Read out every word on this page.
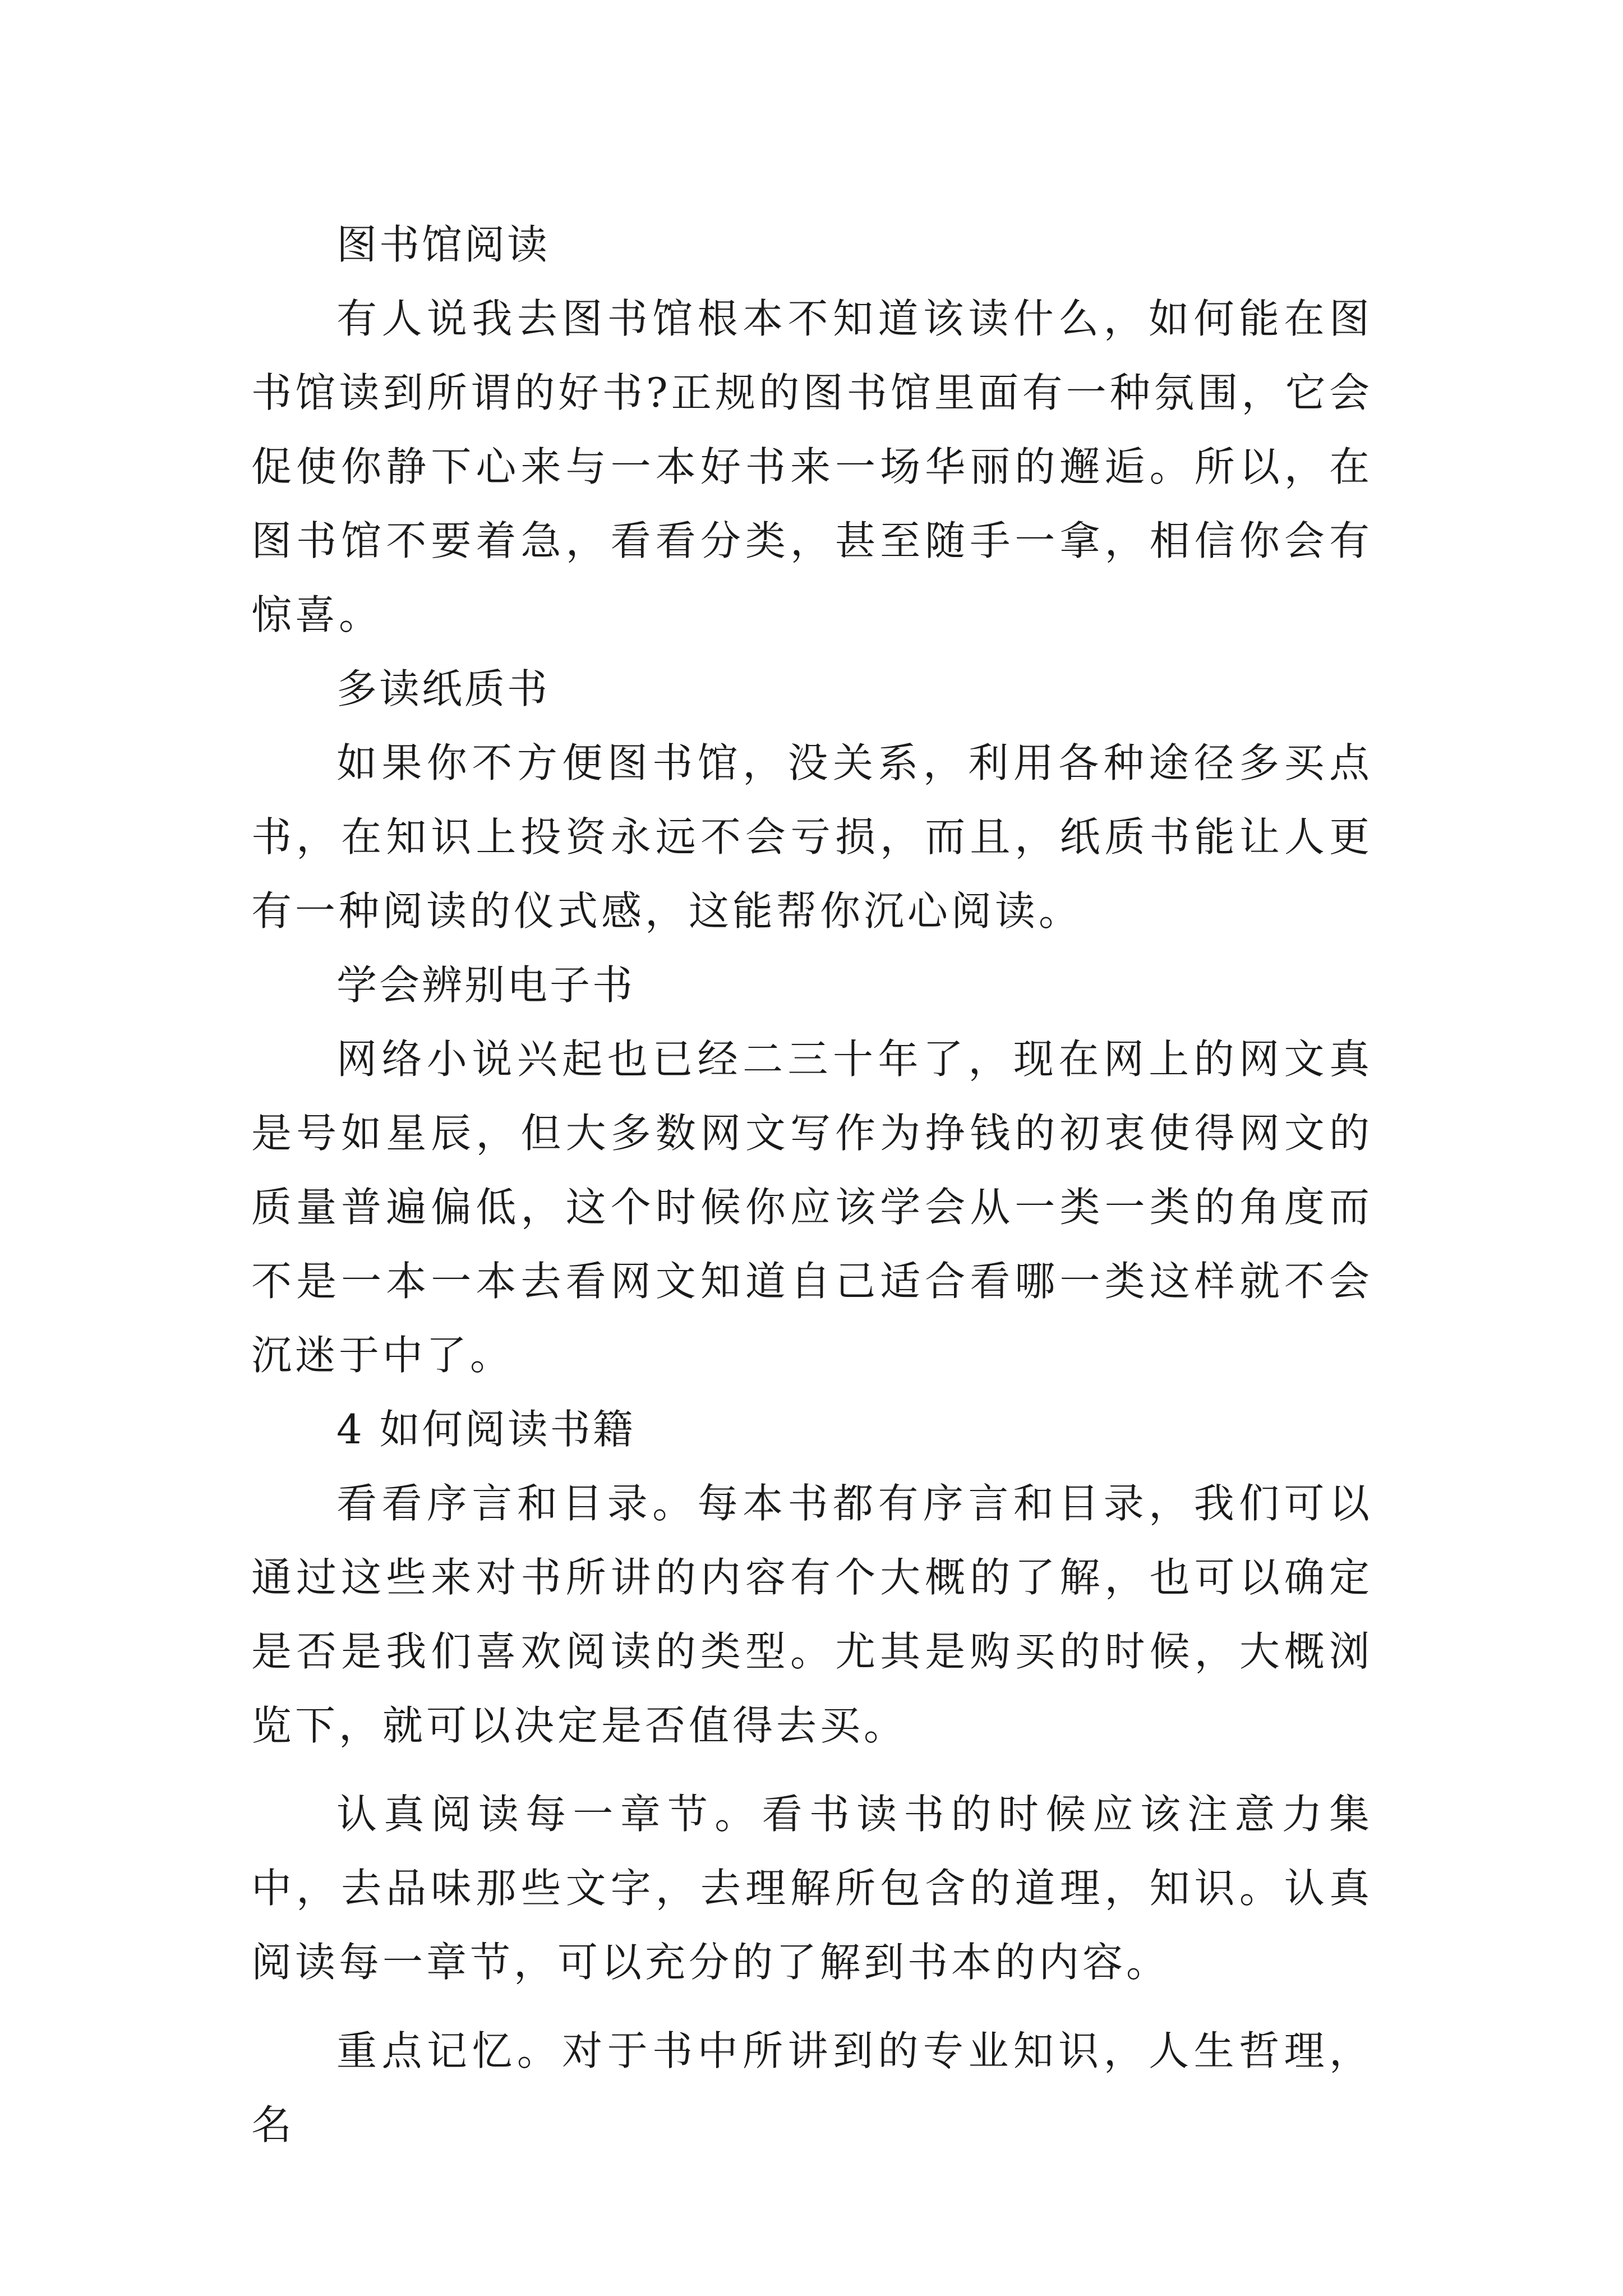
图书馆阅读

有人说我去图书馆根本不知道该读什么，如何能在图书馆读到所谓的好书?正规的图书馆里面有一种氛围，它会促使你静下心来与一本好书来一场华丽的邂逅。所以，在图书馆不要着急，看看分类，甚至随手一拿，相信你会有惊喜。

多读纸质书

如果你不方便图书馆，没关系，利用各种途径多买点书，在知识上投资永远不会亏损，而且，纸质书能让人更有一种阅读的仪式感，这能帮你沉心阅读。

学会辨别电子书

网络小说兴起也已经二三十年了，现在网上的网文真是号如星辰，但大多数网文写作为挣钱的初衷使得网文的质量普遍偏低，这个时候你应该学会从一类一类的角度而不是一本一本去看网文知道自己适合看哪一类这样就不会沉迷于中了。

4 如何阅读书籍

看看序言和目录。每本书都有序言和目录，我们可以通过这些来对书所讲的内容有个大概的了解，也可以确定是否是我们喜欢阅读的类型。尤其是购买的时候，大概浏览下，就可以决定是否值得去买。

认真阅读每一章节。看书读书的时候应该注意力集中，去品味那些文字，去理解所包含的道理，知识。认真阅读每一章节，可以充分的了解到书本的内容。

重点记忆。对于书中所讲到的专业知识，人生哲理，名
